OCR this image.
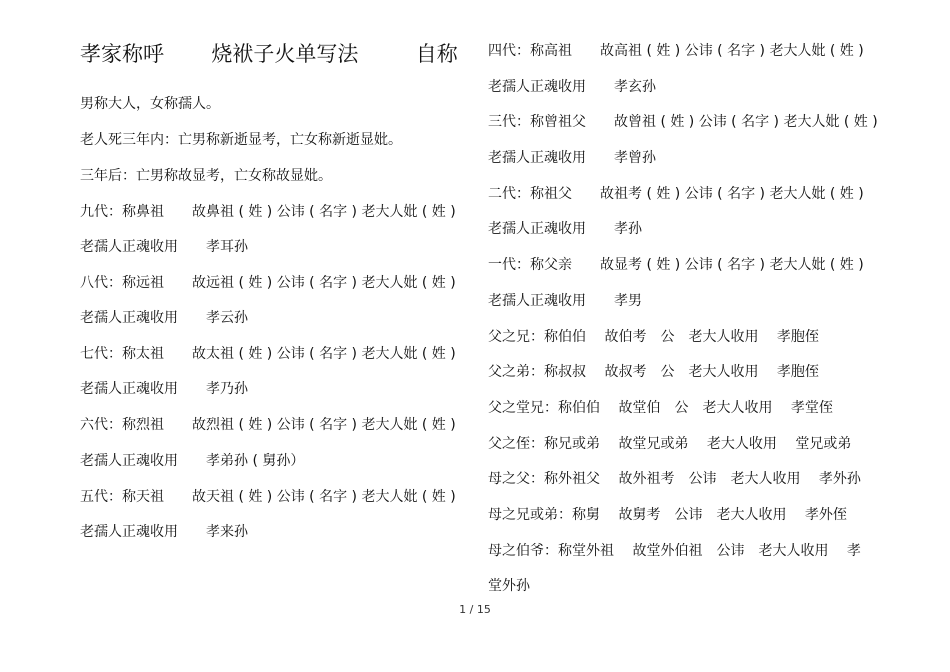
孝家称呼 烧袱子火单写法	自称
男称大人，女称孺人。
老人死三年内：亡男称新逝显考，亡女称新逝显妣。
三年后：亡男称故显考，亡女称故显妣。
九代：称鼻祖　　故鼻祖 ( 姓 ) 公讳 ( 名字 ) 老大人妣 ( 姓 )
老孺人正魂收用　　孝耳孙
八代：称远祖　　故远祖 ( 姓 ) 公讳 ( 名字 ) 老大人妣 ( 姓 )
老孺人正魂收用　　孝云孙
七代：称太祖　　故太祖 ( 姓 ) 公讳 ( 名字 ) 老大人妣 ( 姓 )
老孺人正魂收用　　孝乃孙
六代：称烈祖　　故烈祖 ( 姓 ) 公讳 ( 名字 ) 老大人妣 ( 姓 )
老孺人正魂收用　　孝弟孙 ( 舅孙）
五代：称天祖　　故天祖 ( 姓 ) 公讳 ( 名字 ) 老大人妣 ( 姓 )
老孺人正魂收用　　孝来孙
四代：称高祖　　故高祖 ( 姓 ) 公讳 ( 名字 ) 老大人妣 ( 姓 )
老孺人正魂收用　　孝玄孙
三代：称曾祖父　　故曾祖 ( 姓 ) 公讳 ( 名字 ) 老大人妣 ( 姓 )
老孺人正魂收用　　孝曾孙
二代：称祖父　　故祖考 ( 姓 ) 公讳 ( 名字 ) 老大人妣 ( 姓 )
老孺人正魂收用　　孝孙
一代：称父亲　　故显考 ( 姓 ) 公讳 ( 名字 ) 老大人妣 ( 姓 )
老孺人正魂收用　　孝男
父之兄：称伯伯　 故伯考　公　老大人收用　 孝胞侄
父之弟：称叔叔　 故叔考　公　老大人收用　 孝胞侄
父之堂兄：称伯伯　 故堂伯　公　老大人收用　 孝堂侄
父之侄：称兄或弟　 故堂兄或弟　 老大人收用　 堂兄或弟
母之父：称外祖父　 故外祖考　公讳　老大人收用　 孝外孙
母之兄或弟：称舅　 故舅考　公讳　老大人收用　 孝外侄
母之伯爷：称堂外祖　 故堂外伯祖　公讳　老大人收用　 孝
堂外孙
1 / 15
